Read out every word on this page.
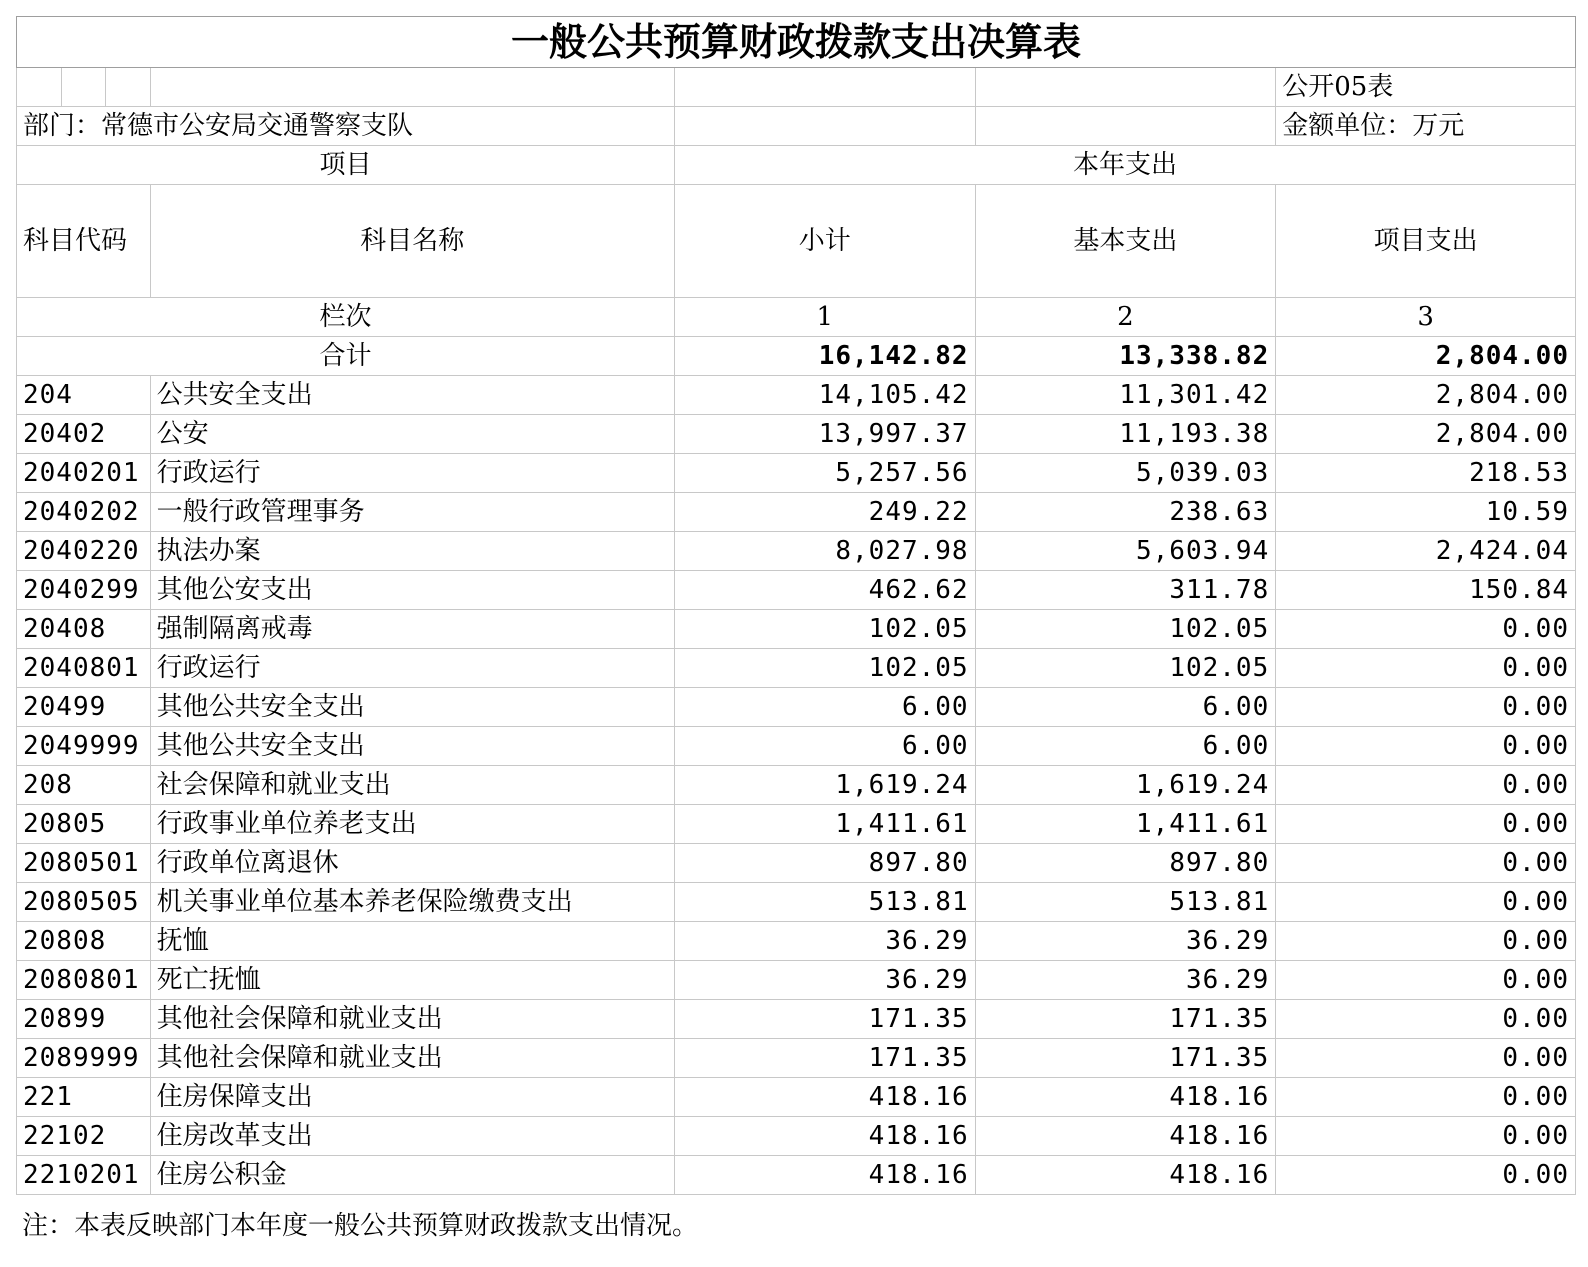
一般公共预算财政拨款支出决算表						
						公开05表
部门：常德市公安局交通警察支队						金额单位：万元
项目				本年支出		
科目代码			科目名称	小计	基本支出	项目支出
栏次				1	2	3
合计				16,142.82	13,338.82	2,804.00
204			公共安全支出	14,105.42	11,301.42	2,804.00
20402			公安	13,997.37	11,193.38	2,804.00
2040201			行政运行	5,257.56	5,039.03	218.53
2040202			一般行政管理事务	249.22	238.63	10.59
2040220			执法办案	8,027.98	5,603.94	2,424.04
2040299			其他公安支出	462.62	311.78	150.84
20408			强制隔离戒毒	102.05	102.05	0.00
2040801			行政运行	102.05	102.05	0.00
20499			其他公共安全支出	6.00	6.00	0.00
2049999			其他公共安全支出	6.00	6.00	0.00
208			社会保障和就业支出	1,619.24	1,619.24	0.00
20805			行政事业单位养老支出	1,411.61	1,411.61	0.00
2080501			行政单位离退休	897.80	897.80	0.00
2080505			机关事业单位基本养老保险缴费支出	513.81	513.81	0.00
20808			抚恤	36.29	36.29	0.00
2080801			死亡抚恤	36.29	36.29	0.00
20899			其他社会保障和就业支出	171.35	171.35	0.00
2089999			其他社会保障和就业支出	171.35	171.35	0.00
221			住房保障支出	418.16	418.16	0.00
22102			住房改革支出	418.16	418.16	0.00
2210201			住房公积金	418.16	418.16	0.00
注：本表反映部门本年度一般公共预算财政拨款支出情况。
